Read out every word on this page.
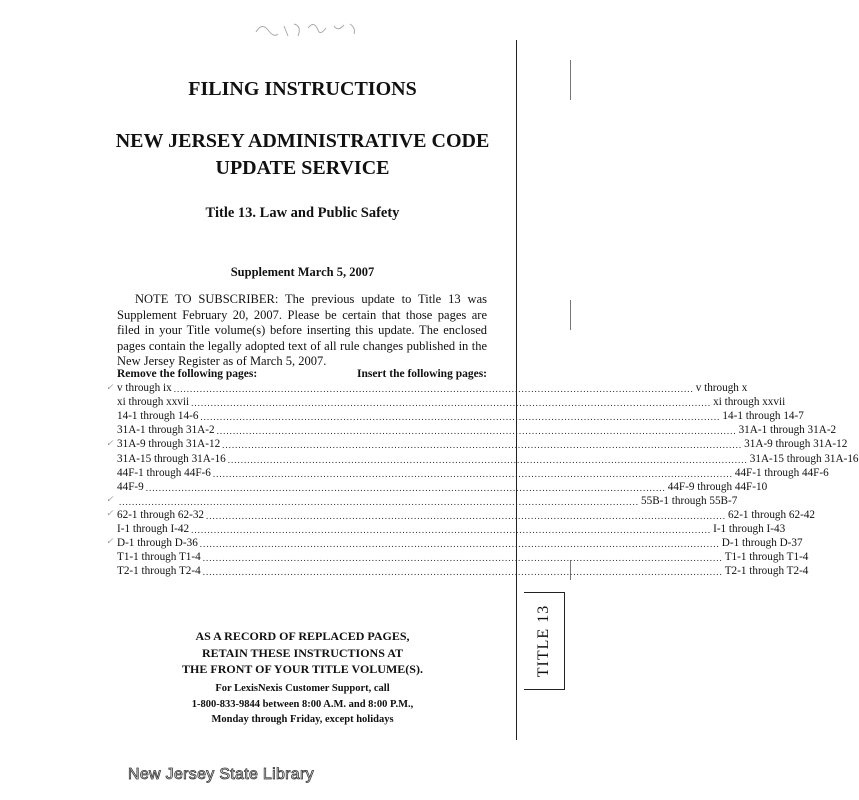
TITLE 13
FILING INSTRUCTIONS
NEW JERSEY ADMINISTRATIVE CODE
UPDATE SERVICE
Title 13. Law and Public Safety
Supplement March 5, 2007
NOTE TO SUBSCRIBER: The previous update to Title 13 was Supplement February 20, 2007. Please be certain that those pages are filed in your Title volume(s) before inserting this update. The enclosed pages contain the legally adopted text of all rule changes published in the New Jersey Register as of March 5, 2007.
Remove the following pages:	Insert the following pages:
v through ix ................................................................................................................................................................ v through x
xi through xxvii ................................................................................................................................................................ xi through xxvii
14-1 through 14-6 ................................................................................................................................................................ 14-1 through 14-7
31A-1 through 31A-2 ................................................................................................................................................................ 31A-1 through 31A-2
31A-9 through 31A-12 ................................................................................................................................................................ 31A-9 through 31A-12
31A-15 through 31A-16 ................................................................................................................................................................ 31A-15 through 31A-16
44F-1 through 44F-6 ................................................................................................................................................................ 44F-1 through 44F-6
44F-9 ................................................................................................................................................................ 44F-9 through 44F-10
................................................................................................................................................................ 55B-1 through 55B-7
62-1 through 62-32 ................................................................................................................................................................ 62-1 through 62-42
I-1 through I-42 ................................................................................................................................................................ I-1 through I-43
D-1 through D-36 ................................................................................................................................................................ D-1 through D-37
T1-1 through T1-4 ................................................................................................................................................................ T1-1 through T1-4
T2-1 through T2-4 ................................................................................................................................................................ T2-1 through T2-4
✓
✓
✓
✓
✓
AS A RECORD OF REPLACED PAGES,
RETAIN THESE INSTRUCTIONS AT
THE FRONT OF YOUR TITLE VOLUME(S).
For LexisNexis Customer Support, call
1-800-833-9844 between 8:00 A.M. and 8:00 P.M.,
Monday through Friday, except holidays
New Jersey State Library
